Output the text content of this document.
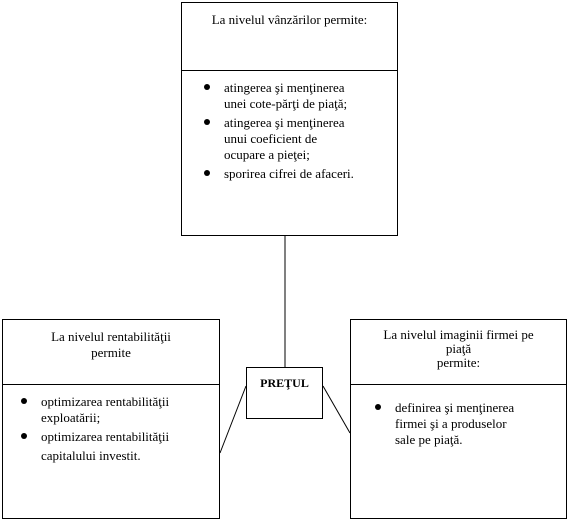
La nivelul vânzărilor permite:
atingerea şi menţinerea
unei cote-părţi de piaţă;
atingerea şi menţinerea
unui coeficient de
ocupare a pieţei;
sporirea cifrei de afaceri.
La nivelul rentabilităţii
permite
optimizarea rentabilităţii
exploatării;
optimizarea rentabilităţii
capitalului investit.
La nivelul imaginii firmei pe
piaţă
permite:
definirea şi menţinerea
firmei şi a produselor
sale pe piaţă.
PREŢUL
